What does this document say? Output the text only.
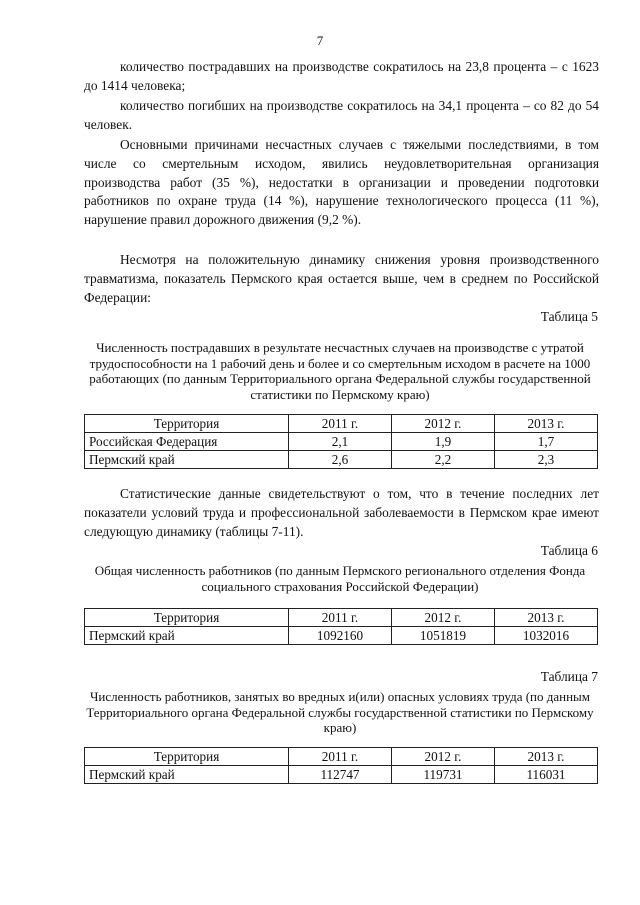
7
количество пострадавших на производстве сократилось на 23,8 процента – с 1623 до 1414 человека;
количество погибших на производстве сократилось на 34,1 процента – со 82 до 54 человек.
Основными причинами несчастных случаев с тяжелыми последствиями, в том числе со смертельным исходом, явились неудовлетворительная организация производства работ (35 %), недостатки в организации и проведении подготовки работников по охране труда (14 %), нарушение технологического процесса (11 %), нарушение правил дорожного движения (9,2 %).
Несмотря на положительную динамику снижения уровня производственного травматизма, показатель Пермского края остается выше, чем в среднем по Российской Федерации:
Таблица 5
Численность пострадавших в результате несчастных случаев на производстве с утратой трудоспособности на 1 рабочий день и более и со смертельным исходом в расчете на 1000 работающих (по данным Территориального органа Федеральной службы государственной статистики по Пермскому краю)
Территория	2011 г.	2012 г.	2013 г.
Российская Федерация	2,1	1,9	1,7
Пермский край	2,6	2,2	2,3
Статистические данные свидетельствуют о том, что в течение последних лет показатели условий труда и профессиональной заболеваемости в Пермском крае имеют следующую динамику (таблицы 7-11).
Таблица 6
Общая численность работников (по данным Пермского регионального отделения Фонда социального страхования Российской Федерации)
Территория	2011 г.	2012 г.	2013 г.
Пермский край	1092160	1051819	1032016
Таблица 7
Численность работников, занятых во вредных и(или) опасных условиях труда (по данным Территориального органа Федеральной службы государственной статистики по Пермскому краю)
Территория	2011 г.	2012 г.	2013 г.
Пермский край	112747	119731	116031
